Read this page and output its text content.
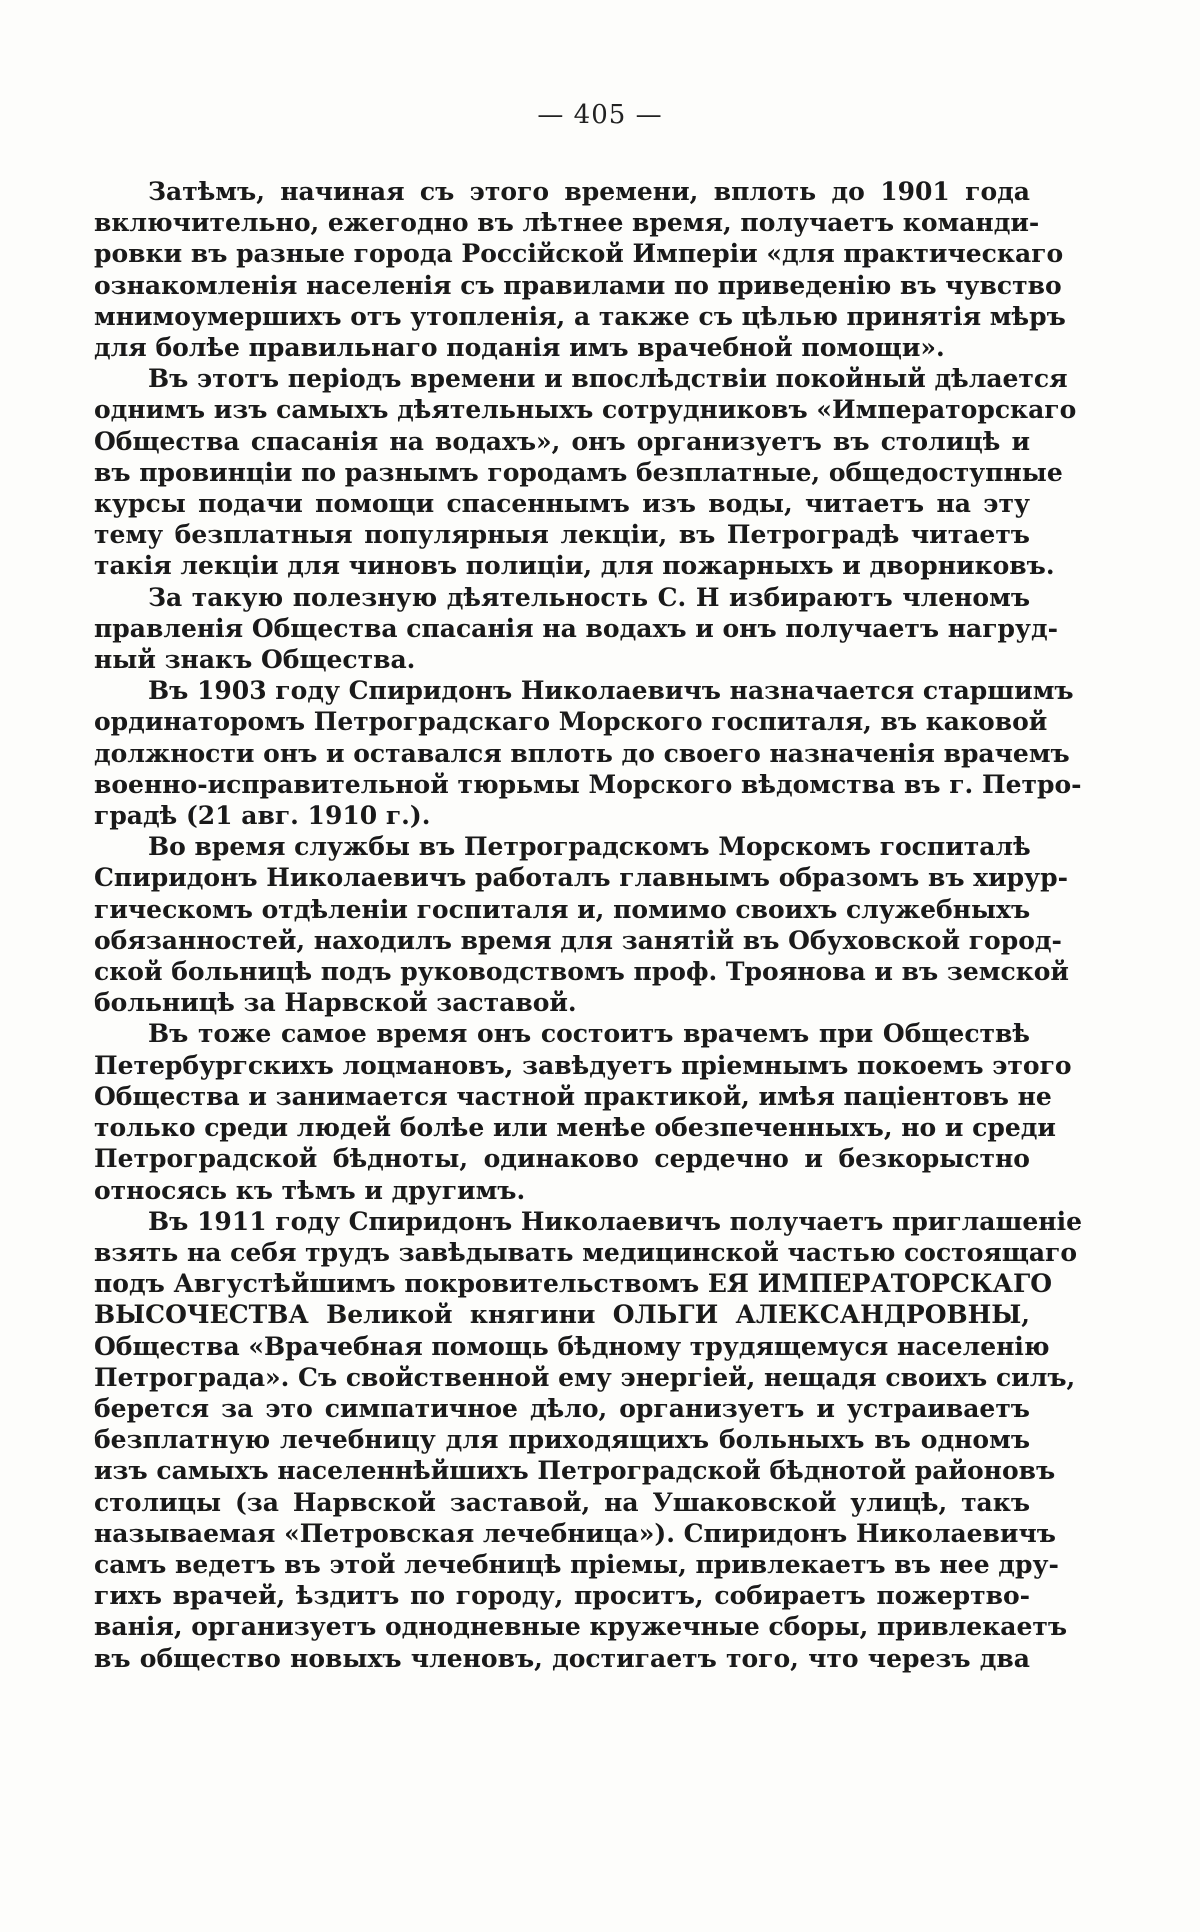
— 405 —

Затѣмъ, начиная съ этого времени, вплоть до 1901 года
включительно, ежегодно въ лѣтнее время, получаетъ команди-
ровки въ разные города Россійской Имперіи «для практическаго
ознакомленія населенія съ правилами по приведенію въ чувство
мнимоумершихъ отъ утопленія, а также съ цѣлью принятія мѣръ
для болѣе правильнаго поданія имъ врачебной помощи».

Въ этотъ періодъ времени и впослѣдствіи покойный дѣлается
однимъ изъ самыхъ дѣятельныхъ сотрудниковъ «Императорскаго
Общества спасанія на водахъ», онъ организуетъ въ столицѣ и
въ провинціи по разнымъ городамъ безплатные, общедоступные
курсы подачи помощи спасеннымъ изъ воды, читаетъ на эту
тему безплатныя популярныя лекціи, въ Петроградѣ читаетъ
такія лекціи для чиновъ полиціи, для пожарныхъ и дворниковъ.

За такую полезную дѣятельность С. Н избираютъ членомъ
правленія Общества спасанія на водахъ и онъ получаетъ нагруд-
ный знакъ Общества.

Въ 1903 году Спиридонъ Николаевичъ назначается старшимъ
ординаторомъ Петроградскаго Морского госпиталя, въ каковой
должности онъ и оставался вплоть до своего назначенія врачемъ
военно-исправительной тюрьмы Морского вѣдомства въ г. Петро-
градѣ (21 авг. 1910 г.).

Во время службы въ Петроградскомъ Морскомъ госпиталѣ
Спиридонъ Николаевичъ работалъ главнымъ образомъ въ хирур-
гическомъ отдѣленіи госпиталя и, помимо своихъ служебныхъ
обязанностей, находилъ время для занятій въ Обуховской город-
ской больницѣ подъ руководствомъ проф. Троянова и въ земской
больницѣ за Нарвской заставой.

Въ тоже самое время онъ состоитъ врачемъ при Обществѣ
Петербургскихъ лоцмановъ, завѣдуетъ пріемнымъ покоемъ этого
Общества и занимается частной практикой, имѣя паціентовъ не
только среди людей болѣе или менѣе обезпеченныхъ, но и среди
Петроградской бѣдноты, одинаково сердечно и безкорыстно
относясь къ тѣмъ и другимъ.

Въ 1911 году Спиридонъ Николаевичъ получаетъ приглашеніе
взять на себя трудъ завѣдывать медицинской частью состоящаго
подъ Августѣйшимъ покровительствомъ ЕЯ ИМПЕРАТОРСКАГО
ВЫСОЧЕСТВА Великой княгини ОЛЬГИ АЛЕКСАНДРОВНЫ,
Общества «Врачебная помощь бѣдному трудящемуся населенію
Петрограда». Съ свойственной ему энергіей, нещадя своихъ силъ,
берется за это симпатичное дѣло, организуетъ и устраиваетъ
безплатную лечебницу для приходящихъ больныхъ въ одномъ
изъ самыхъ населеннѣйшихъ Петроградской бѣднотой районовъ
столицы (за Нарвской заставой, на Ушаковской улицѣ, такъ
называемая «Петровская лечебница»). Спиридонъ Николаевичъ
самъ ведетъ въ этой лечебницѣ пріемы, привлекаетъ въ нее дру-
гихъ врачей, ѣздитъ по городу, проситъ, собираетъ пожертво-
ванія, организуетъ однодневные кружечные сборы, привлекаетъ
въ общество новыхъ членовъ, достигаетъ того, что черезъ два
